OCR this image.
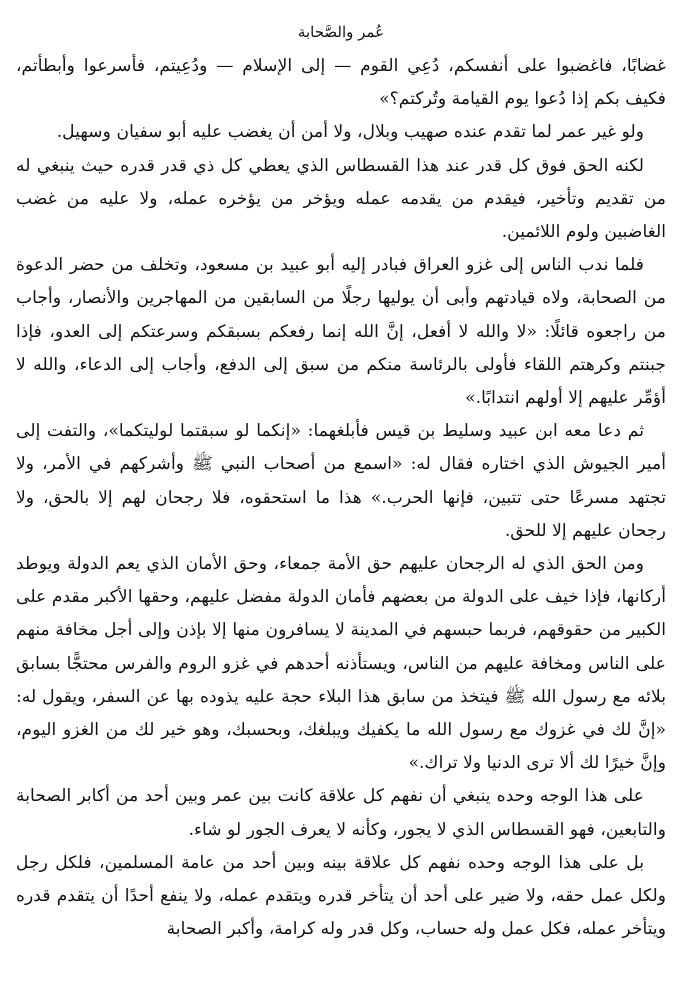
عُمر والصَّحابة

غضابًا، فاغضبوا على أنفسكم، دُعِي القوم — إلى الإسلام — ودُعِيتم، فأسرعوا وأبطأتم، فكيف بكم إذا دُعوا يوم القيامة وتُركتم؟»

ولو غير عمر لما تقدم عنده صهيب وبلال، ولا أمن أن يغضب عليه أبو سفيان وسهيل.

لكنه الحق فوق كل قدر عند هذا القسطاس الذي يعطي كل ذي قدر قدره حيث ينبغي له من تقديم وتأخير، فيقدم من يقدمه عمله ويؤخر من يؤخره عمله، ولا عليه من غضب الغاضبين ولوم اللائمين.

فلما ندب الناس إلى غزو العراق فبادر إليه أبو عبيد بن مسعود، وتخلف من حضر الدعوة من الصحابة، ولاه قيادتهم وأبى أن يوليها رجلًا من السابقين من المهاجرين والأنصار، وأجاب من راجعوه قائلًا: «لا والله لا أفعل، إنَّ الله إنما رفعكم بسبقكم وسرعتكم إلى العدو، فإذا جبنتم وكرهتم اللقاء فأولى بالرئاسة منكم من سبق إلى الدفع، وأجاب إلى الدعاء، والله لا أؤمِّر عليهم إلا أولهم انتدابًا.»

ثم دعا معه ابن عبيد وسليط بن قيس فأبلغهما: «إنكما لو سبقتما لوليتكما»، والتفت إلى أمير الجيوش الذي اختاره فقال له: «اسمع من أصحاب النبي ﷺ وأشركهم في الأمر، ولا تجتهد مسرعًا حتى تتبين، فإنها الحرب.» هذا ما استحقوه، فلا رجحان لهم إلا بالحق، ولا رجحان عليهم إلا للحق.

ومن الحق الذي له الرجحان عليهم حق الأمة جمعاء، وحق الأمان الذي يعم الدولة ويوطد أركانها، فإذا خيف على الدولة من بعضهم فأمان الدولة مفضل عليهم، وحقها الأكبر مقدم على الكبير من حقوقهم، فربما حبسهم في المدينة لا يسافرون منها إلا بإذن وإلى أجل مخافة منهم على الناس ومخافة عليهم من الناس، ويستأذنه أحدهم في غزو الروم والفرس محتجًّا بسابق بلائه مع رسول الله ﷺ فيتخذ من سابق هذا البلاء حجة عليه يذوده بها عن السفر، ويقول له: «إنَّ لك في غزوك مع رسول الله ما يكفيك ويبلغك، وبحسبك، وهو خير لك من الغزو اليوم، وإنَّ خيرًا لك ألا ترى الدنيا ولا تراك.»

على هذا الوجه وحده ينبغي أن نفهم كل علاقة كانت بين عمر وبين أحد من أكابر الصحابة والتابعين، فهو القسطاس الذي لا يجور، وكأنه لا يعرف الجور لو شاء.

بل على هذا الوجه وحده نفهم كل علاقة بينه وبين أحد من عامة المسلمين، فلكل رجل ولكل عمل حقه، ولا ضير على أحد أن يتأخر قدره ويتقدم عمله، ولا ينفع أحدًا أن يتقدم قدره ويتأخر عمله، فكل عمل وله حساب، وكل قدر وله كرامة، وأكبر الصحابة
